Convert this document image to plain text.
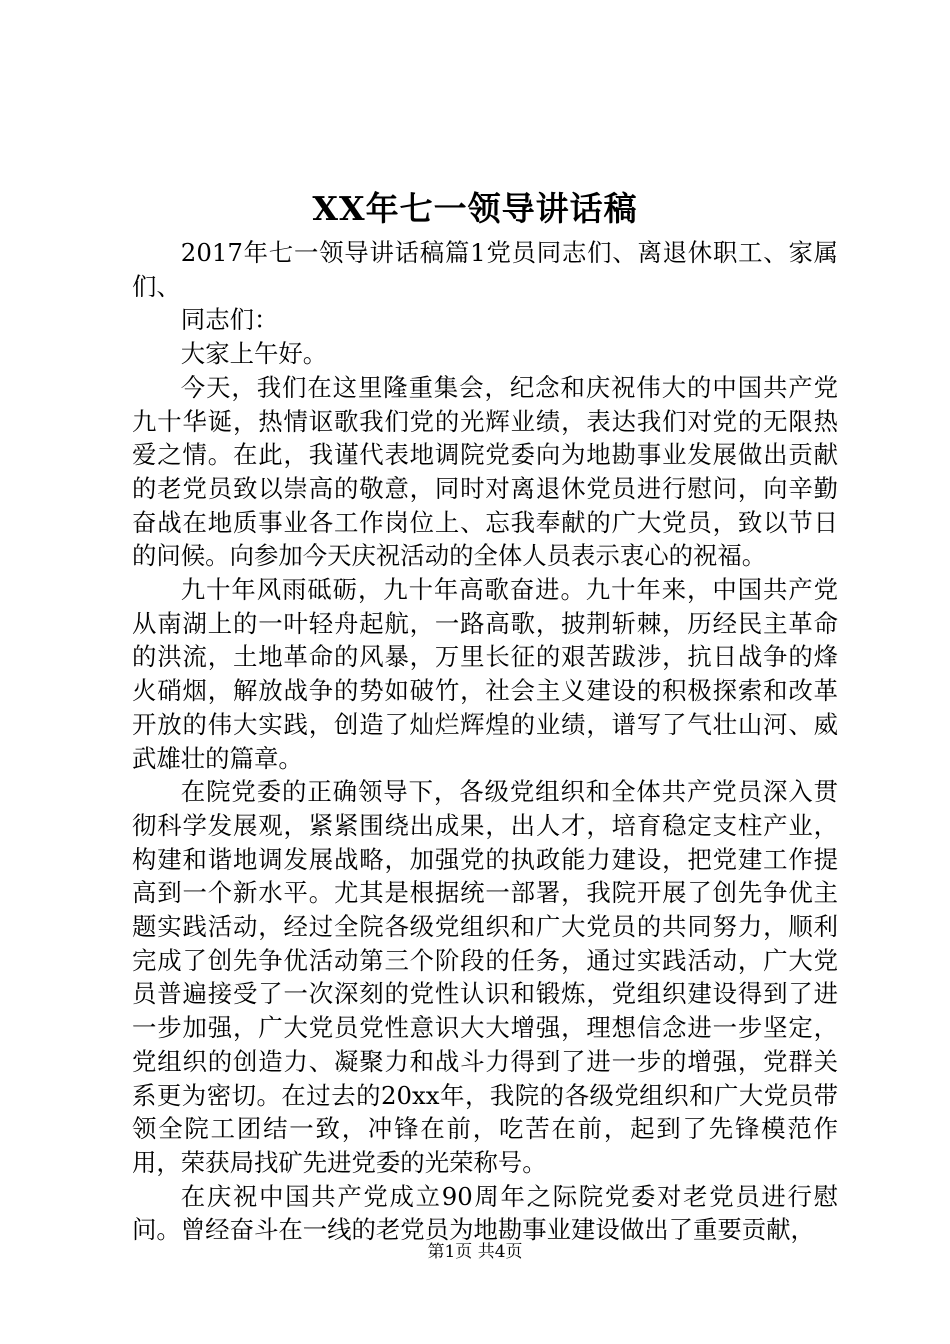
XX年七一领导讲话稿

2017年七一领导讲话稿篇1党员同志们、离退休职工、家属们、

同志们：

大家上午好。

今天，我们在这里隆重集会，纪念和庆祝伟大的中国共产党九十华诞，热情讴歌我们党的光辉业绩，表达我们对党的无限热爱之情。在此，我谨代表地调院党委向为地勘事业发展做出贡献的老党员致以崇高的敬意，同时对离退休党员进行慰问，向辛勤奋战在地质事业各工作岗位上、忘我奉献的广大党员，致以节日的问候。向参加今天庆祝活动的全体人员表示衷心的祝福。

九十年风雨砥砺，九十年高歌奋进。九十年来，中国共产党从南湖上的一叶轻舟起航，一路高歌，披荆斩棘，历经民主革命的洪流，土地革命的风暴，万里长征的艰苦跋涉，抗日战争的烽火硝烟，解放战争的势如破竹，社会主义建设的积极探索和改革开放的伟大实践，创造了灿烂辉煌的业绩，谱写了气壮山河、威武雄壮的篇章。

在院党委的正确领导下，各级党组织和全体共产党员深入贯彻科学发展观，紧紧围绕出成果，出人才，培育稳定支柱产业，构建和谐地调发展战略，加强党的执政能力建设，把党建工作提高到一个新水平。尤其是根据统一部署，我院开展了创先争优主题实践活动，经过全院各级党组织和广大党员的共同努力，顺利完成了创先争优活动第三个阶段的任务，通过实践活动，广大党员普遍接受了一次深刻的党性认识和锻炼，党组织建设得到了进一步加强，广大党员党性意识大大增强，理想信念进一步坚定，党组织的创造力、凝聚力和战斗力得到了进一步的增强，党群关系更为密切。在过去的20xx年，我院的各级党组织和广大党员带领全院工团结一致，冲锋在前，吃苦在前，起到了先锋模范作用，荣获局找矿先进党委的光荣称号。

在庆祝中国共产党成立90周年之际院党委对老党员进行慰问。曾经奋斗在一线的老党员为地勘事业建设做出了重要贡献，

第1页 共4页
